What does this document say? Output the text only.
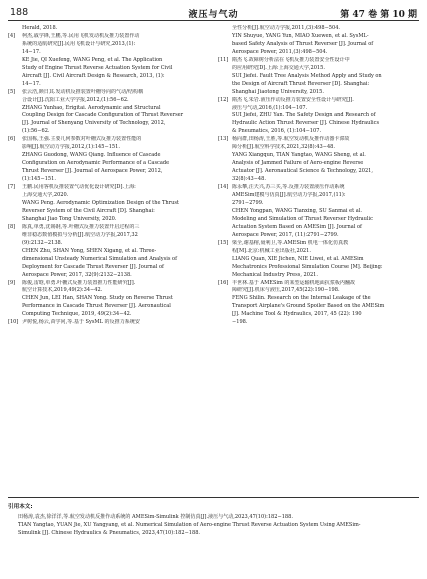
188	液压与气动	第 47 卷 第 10 期
Herald, 2018.
[4] 柯杰,戚学锋,王鹏,等.民用飞机发动机反推力装置作动
系统的适航研究[J].民用飞机设计与研究,2013,(1):
14−17.
KE Jie, QI Xuefeng, WANG Peng, et al. The Application
Study of Engine Thrust Reverse Actuation System for Civil
Aircraft [J]. Civil Aircraft Design & Research, 2013, (1):
14−17.
[5] 张云浩,颜日其.发动机反推装置叶栅导向的气动/结构耦
合设计[J].沈阳工业大学学报,2012,(1):56−62.
ZHANG Yunhao, Erigitai. Aerodynamic and Structural
Coupling Design for Cascade Configuration of Thrust Reverser
[J]. Journal of Shenyang University of Technology, 2012,
(1):56−62.
[6] 张国栋,王强.主要几何参数对叶栅式反推力装置性能的
影响[J].航空动力学报,2012,(1):145−151.
ZHANG Guodong, WANG Qiang. Influence of Cascade
Configuration on Aerodynamic Performance of a Cascade
Thrust Reverser [J]. Journal of Aerospace Power, 2012,
(1):145−151.
[7] 王鹏.民用客机反推装置气动优化设计研究[D].上海:
上海交通大学,2020.
WANG Peng. Aerodynamic Optimization Design of the Thrust
Reverser System of the Civil Aircraft [D]. Shanghai:
Shanghai Jiao Tong University, 2020.
[8] 陈真,单勇,沈锡钢,等.叶栅式反推力装置开启过程的三
维非稳态数值模拟与分析[J].航空动力学报,2017,32
(9):2132−2138.
CHEN Zhu, SHAN Yong, SHEN Xigang, et al. Three-
dimensional Unsteady Numerical Simulation and Analysis of
Deployment for Cascade Thrust Reverser [J]. Journal of
Aerospace Power, 2017, 32(9):2132−2138.
[9] 陈俊,雷晗,单勇.叶栅式反推力装置推力性能研究[J].
航空计算技术,2019,49(2):34−42.
CHEN Jun, LEI Han, SHAN Yong. Study on Reverse Thrust
Performance in Cascade Thrust Reverser [J]. Aeronautical
Computing Technique, 2019, 49(2):34−42.
[10] 尹树悦,杨云,苗学问,等.基于 SysML 的反推力系统安
全性分析[J].航空动力学报,2011,(3):498−504.
YIN Shuyue, YANG Yun, MIAO Xuewen, et al. SysML-
based Safety Analysis of Thrust Reverser [J]. Journal of
Aerospace Power, 2011,(3):498−504.
[11] 隋杰飞.故障树分析法在飞机反推力装置安全性设计中
的应用研究[D].上海:上海交通大学,2015.
SUI Jiefei. Fault Tree Analysis Method Apply and Study on
the Design of Aircraft Thrust Reverser [D]. Shanghai:
Shanghai Jiaotong University, 2015.
[12] 隋杰飞,朱岩.液压作动反推力装置安全性设计与研究[J].
液压与气动,2016,(1):104−107.
SUI Jiefei, ZHU Yan. The Safety Design and Research of
Hydraulic Action Thrust Reverser [J]. Chinese Hydraulics
& Pneumatics, 2016, (1):104−107.
[13] 杨向群,田杨涛,王胜,等.航空发动机反推作动器卡滞故
障分析[J].航空科学技术,2021,32(8):43−48.
YANG Xiangqun, TIAN Yangtao, WANG Sheng, et al.
Analysis of Jammed Failure of Aero-engine Reverse
Actuator [J]. Aeronautical Science & Technology, 2021,
32(8):43−48.
[14] 陈永攀,汪天兴,苏三买,等.反推力装置液压作动系统
AMESim建模与仿真[J].航空动力学报,2017,(11):
2791−2799.
CHEN Yongpan, WANG Tianxing, SU Sanmai et al.
Modeling and Simulation of Thrust Reverser Hydraulic
Actuation System Based on AMESim [J]. Journal of
Aerospace Power, 2017, (11):2791−2799.
[15] 梁全,谢基榕,聂利卫,等.AMESim 机电一体化仿真教
程[M].北京:机械工业出版社,2021.
LIANG Quan, XIE Jichen, NIE Liwei, et al. AMESim
Mechatronics Professional Simulation Course [M]. Beijing:
Mechanical Industry Press, 2021.
[16] 丰世林.基于 AMESim 的某型运输机地面抗浆板内翻故
障研究[J].机床与液压,2017,45(22):190−198.
FENG Shilin. Research on the Internal Leakage of the
Transport Airplane's Ground Spoiler Based on the AMESim
[J]. Machine Tool & Hydraulics, 2017, 45 (22): 190
−198.
引用本文:
田杨涛,袁杰,徐洋洋,等.航空发动机反推作动系统的 AMESim-Simulink 控制仿真[J].液压与气动,2023,47(10):182−188.
TIAN Yangtao, YUAN Jie, XU Yangyang, et al. Numerical Simulation of Aero-engine Thrust Reverse Actuation System Using AMESim-
Simulink [J]. Chinese Hydraulics & Pneumatics, 2023,47(10):182−188.
